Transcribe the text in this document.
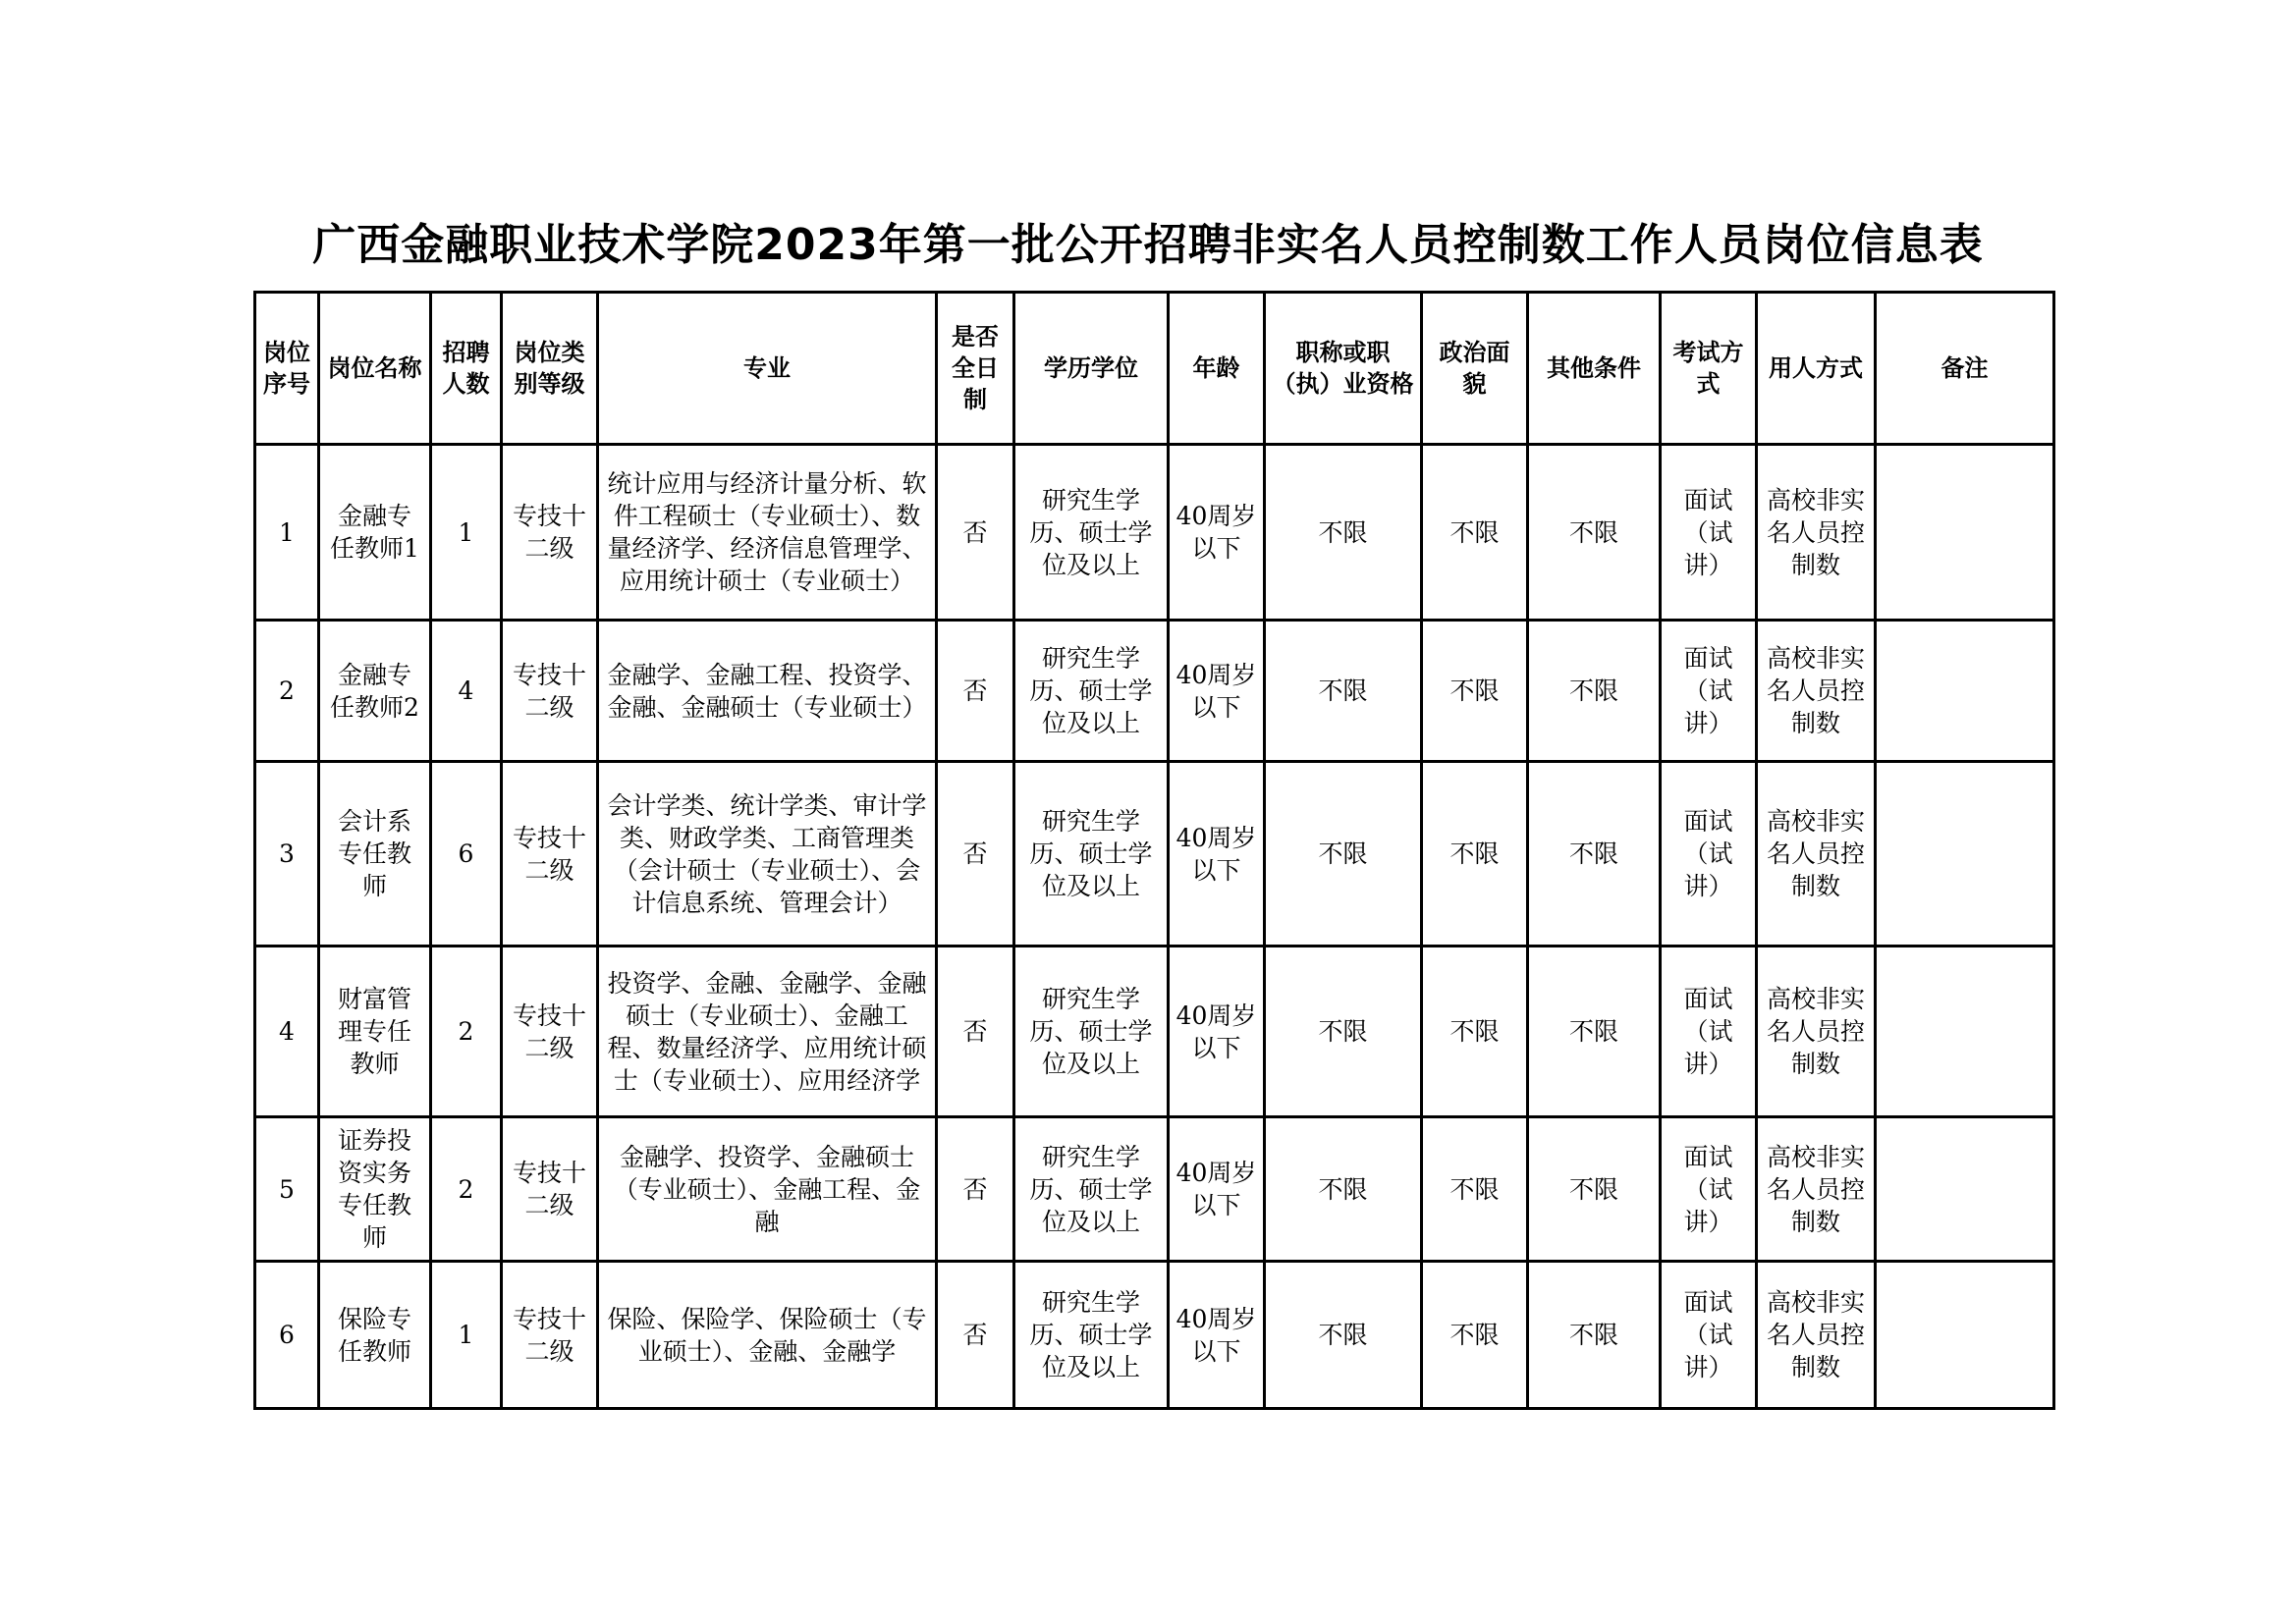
广西金融职业技术学院2023年第一批公开招聘非实名人员控制数工作人员岗位信息表
岗位序号	岗位名称	招聘人数	岗位类别等级	专业	是否全日制	学历学位	年龄	职称或职（执）业资格	政治面貌	其他条件	考试方式	用人方式	备注
1	金融专任教师1	1	专技十二级	统计应用与经济计量分析、软件工程硕士（专业硕士）、数量经济学、经济信息管理学、应用统计硕士（专业硕士）	否	研究生学历、硕士学位及以上	40周岁以下	不限	不限	不限	面试（试讲）	高校非实名人员控制数	
2	金融专任教师2	4	专技十二级	金融学、金融工程、投资学、金融、金融硕士（专业硕士）	否	研究生学历、硕士学位及以上	40周岁以下	不限	不限	不限	面试（试讲）	高校非实名人员控制数	
3	会计系专任教师	6	专技十二级	会计学类、统计学类、审计学类、财政学类、工商管理类（会计硕士（专业硕士）、会计信息系统、管理会计）	否	研究生学历、硕士学位及以上	40周岁以下	不限	不限	不限	面试（试讲）	高校非实名人员控制数	
4	财富管理专任教师	2	专技十二级	投资学、金融、金融学、金融硕士（专业硕士）、金融工程、数量经济学、应用统计硕士（专业硕士）、应用经济学	否	研究生学历、硕士学位及以上	40周岁以下	不限	不限	不限	面试（试讲）	高校非实名人员控制数	
5	证券投资实务专任教师	2	专技十二级	金融学、投资学、金融硕士（专业硕士）、金融工程、金融	否	研究生学历、硕士学位及以上	40周岁以下	不限	不限	不限	面试（试讲）	高校非实名人员控制数	
6	保险专任教师	1	专技十二级	保险、保险学、保险硕士（专业硕士）、金融、金融学	否	研究生学历、硕士学位及以上	40周岁以下	不限	不限	不限	面试（试讲）	高校非实名人员控制数	
